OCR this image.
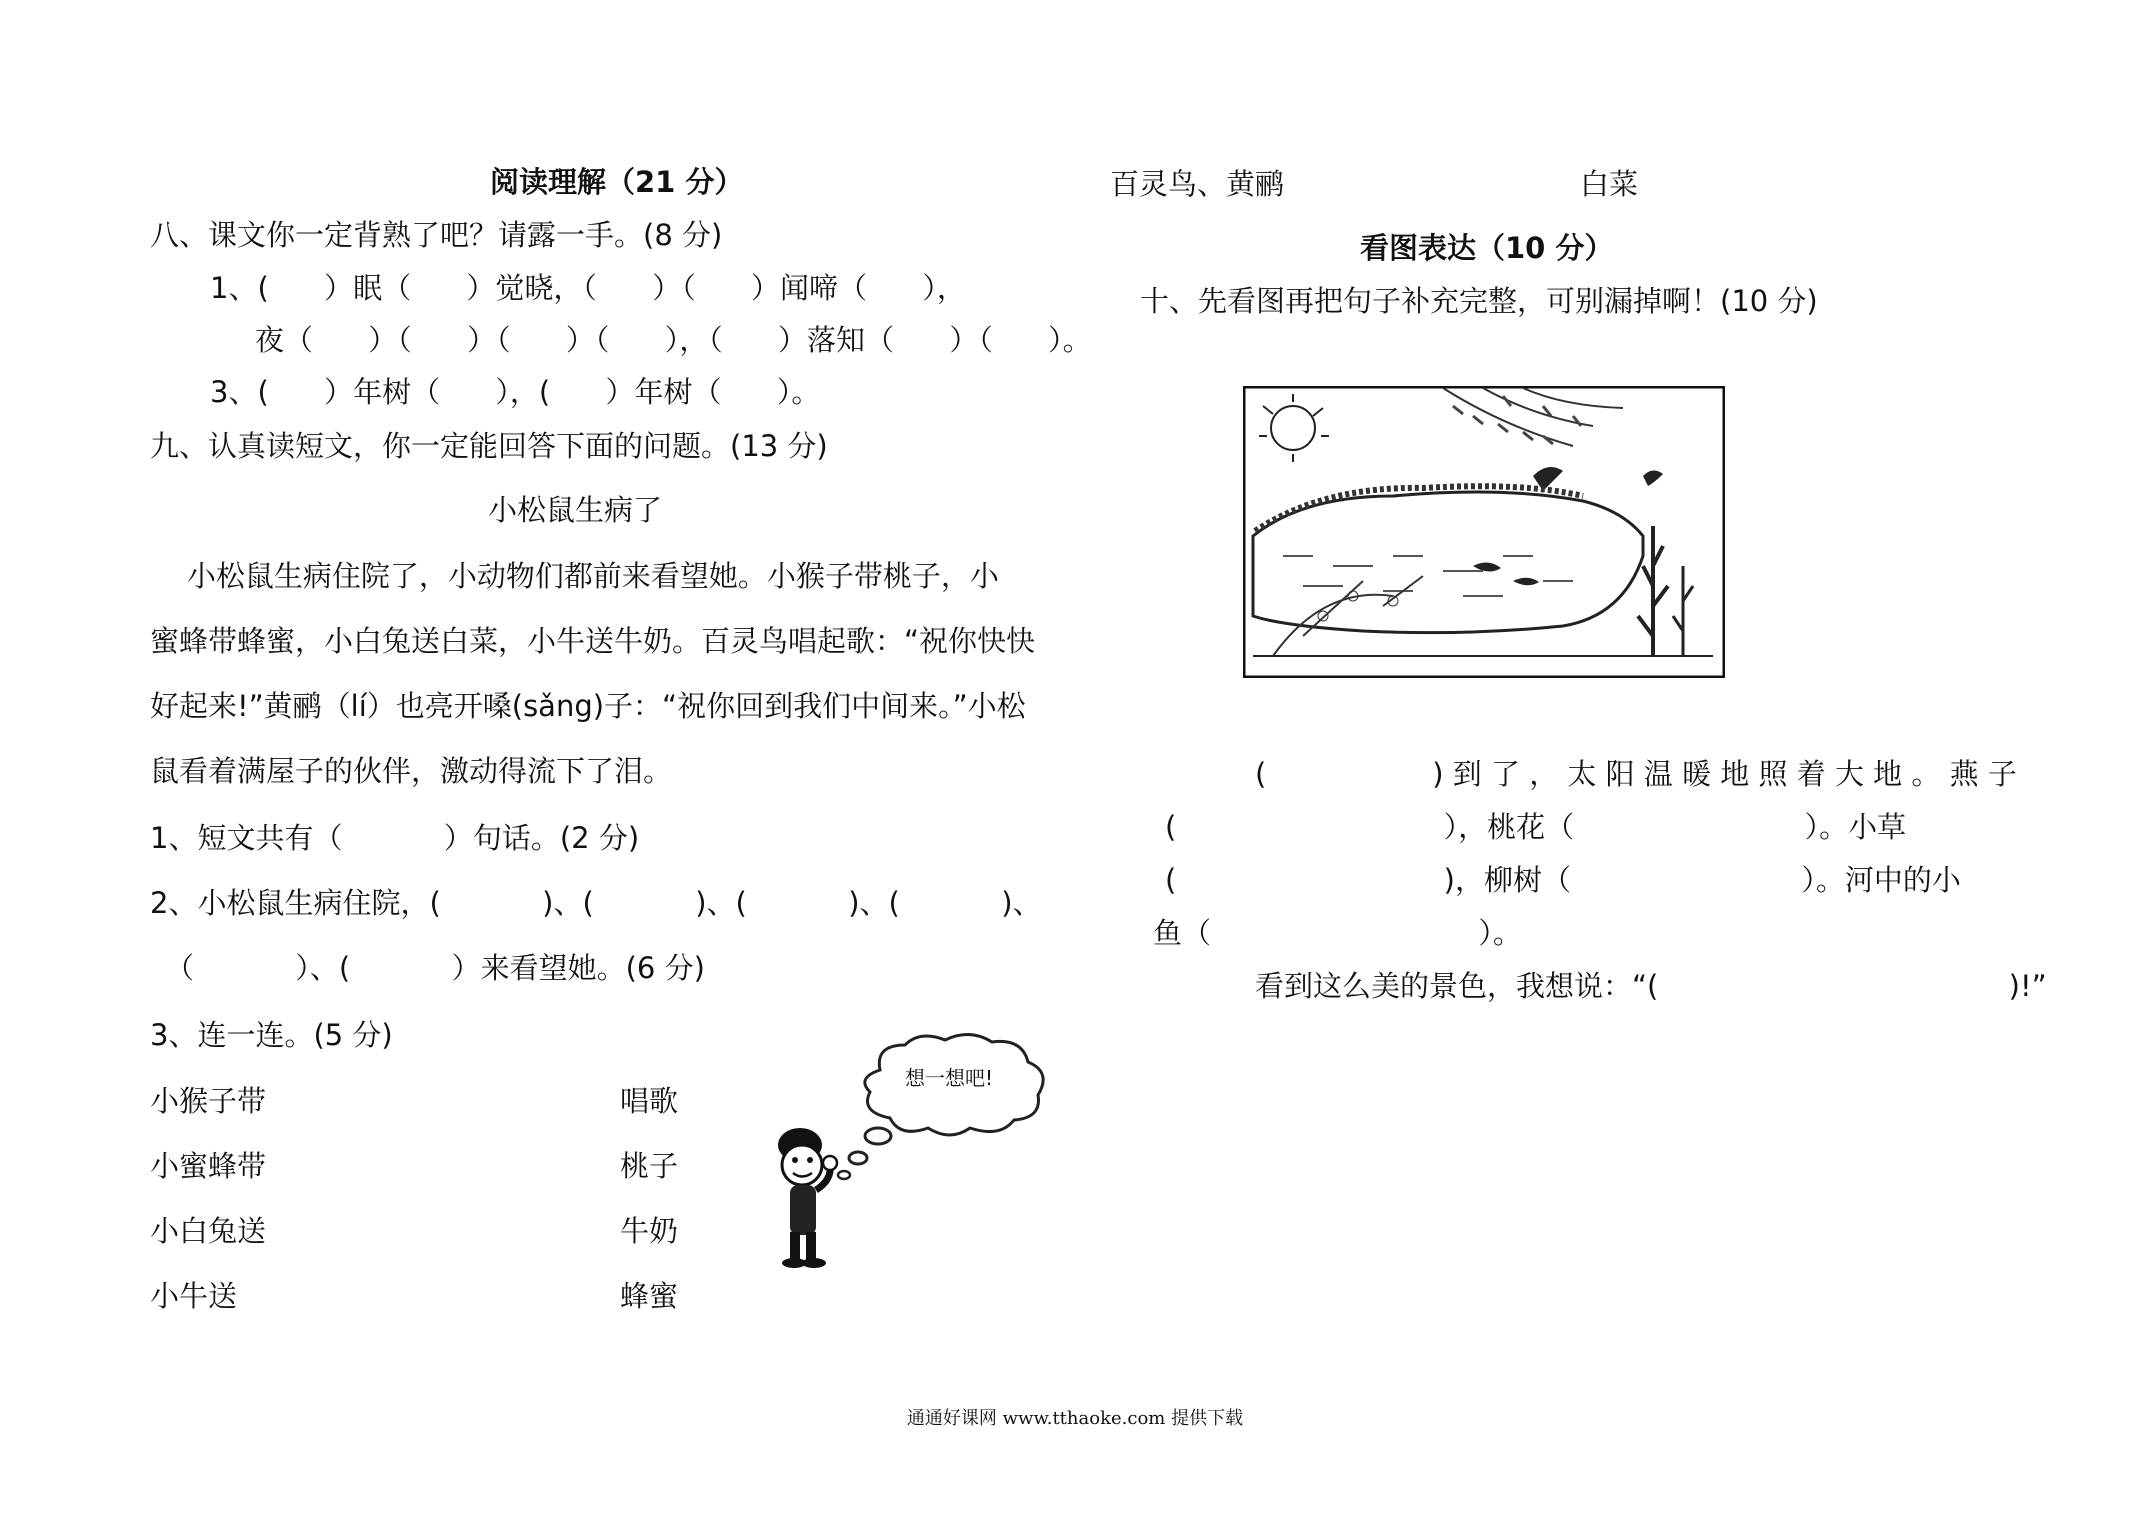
阅读理解（21 分）
八、课文你一定背熟了吧？请露一手。(8 分)
1、(      ）眠（      ）觉晓，（      ）（      ）闻啼（      ），
夜（      ）（      ）（      ）（      ），（      ）落知（      ）（      ）。
3、(      ）年树（      ），(      ）年树（      ）。
九、认真读短文，你一定能回答下面的问题。(13 分)
小松鼠生病了
小松鼠生病住院了，小动物们都前来看望她。小猴子带桃子，小
蜜蜂带蜂蜜，小白兔送白菜，小牛送牛奶。百灵鸟唱起歌：“祝你快快
好起来!”黄鹂（lí）也亮开嗓(sǎng)子：“祝你回到我们中间来。”小松
鼠看着满屋子的伙伴，激动得流下了泪。
1、短文共有（           ）句话。(2 分)
2、小松鼠生病住院，(           )、(           )、(           )、(           )、
（           ）、(           ）来看望她。(6 分)
3、连一连。(5 分)
小猴子带
小蜜蜂带
小白兔送
小牛送
唱歌
桃子
牛奶
蜂蜜
想一想吧!
百灵鸟、黄鹂	白菜
看图表达（10 分）
十、先看图再把句子补充完整，可别漏掉啊！(10 分)
(                  ) 到 了 ， 太 阳 温 暖 地 照 着 大 地 。 燕 子
(                             ），桃花（                         ）。小草
(                             )，柳树（                         ）。河中的小
鱼（                             ）。
看到这么美的景色，我想说：“(                                      )!”
通通好课网 www.tthaoke.com 提供下载
